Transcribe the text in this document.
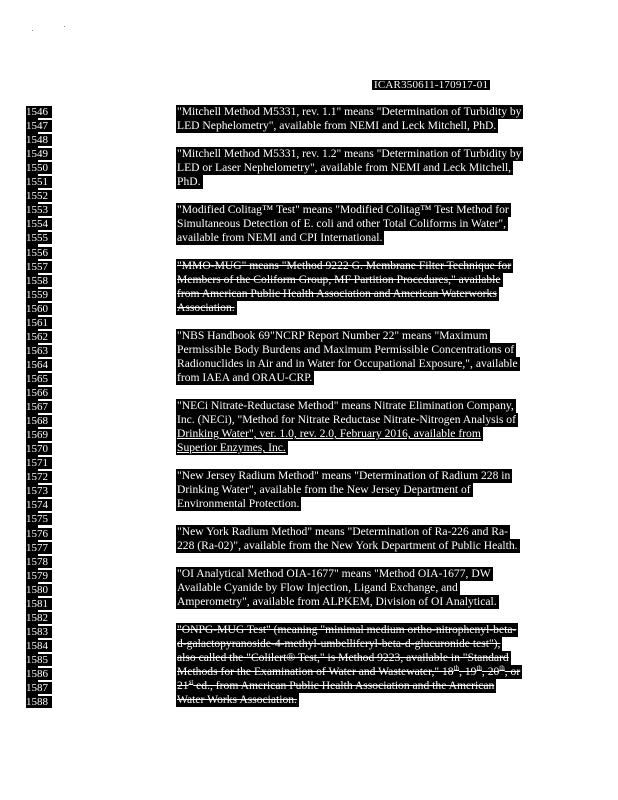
ICAR350611-170917-01
1546
1547
1548
1549
1550
1551
1552
1553
1554
1555
1556
1557
1558
1559
1560
1561
1562
1563
1564
1565
1566
1567
1568
1569
1570
1571
1572
1573
1574
1575
1576
1577
1578
1579
1580
1581
1582
1583
1584
1585
1586
1587
1588
"Mitchell Method M5331, rev. 1.1" means "Determination of Turbidity by
LED Nephelometry", available from NEMI and Leck Mitchell, PhD.
"Mitchell Method M5331, rev. 1.2" means "Determination of Turbidity by
LED or Laser Nephelometry", available from NEMI and Leck Mitchell,
PhD.
"Modified Colitag™ Test" means "Modified Colitag™ Test Method for
Simultaneous Detection of E. coli and other Total Coliforms in Water",
available from NEMI and CPI International.
"MMO-MUG" means "Method 9222 G. Membrane Filter Technique for
Members of the Coliform Group, MF Partition Procedures," available
from American Public Health Association and American Waterworks
Association.
"NBS Handbook 69"NCRP Report Number 22" means "Maximum
Permissible Body Burdens and Maximum Permissible Concentrations of
Radionuclides in Air and in Water for Occupational Exposure,", available
from IAEA and ORAU-CRP.
"NECi Nitrate-Reductase Method" means Nitrate Elimination Company,
Inc. (NECi), "Method for Nitrate Reductase Nitrate-Nitrogen Analysis of
Drinking Water", ver. 1.0, rev. 2.0, February 2016, available from
Superior Enzymes, Inc.
"New Jersey Radium Method" means "Determination of Radium 228 in
Drinking Water", available from the New Jersey Department of
Environmental Protection.
"New York Radium Method" means "Determination of Ra-226 and Ra-
228 (Ra-02)", available from the New York Department of Public Health.
"OI Analytical Method OIA-1677" means "Method OIA-1677, DW
Available Cyanide by Flow Injection, Ligand Exchange, and
Amperometry", available from ALPKEM, Division of OI Analytical.
"ONPG-MUG Test" (meaning "minimal medium ortho-nitrophenyl-beta-
d-galactopyranoside-4-methyl-umbelliferyl-beta-d-glucuronide test"),
also called the "Colilert® Test," is Method 9223, available in "Standard
Methods for the Examination of Water and Wastewater," 18th, 19th, 20th, or
21st ed., from American Public Health Association and the American
Water Works Association.
